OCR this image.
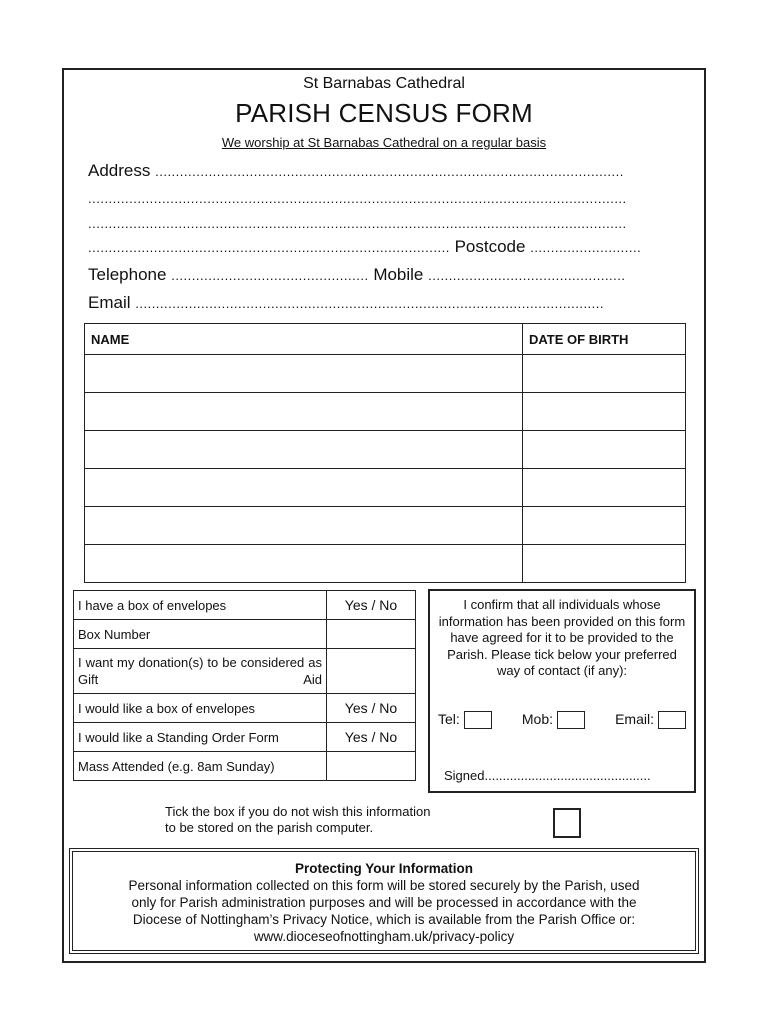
St Barnabas Cathedral
PARISH CENSUS FORM
We worship at St Barnabas Cathedral on a regular basis
Address ..................................................................................................................
...................................................................................................................................
...................................................................................................................................
........................................................................................ Postcode ...........................
Telephone ................................................ Mobile ................................................
Email ..................................................................................................................
NAME	DATE OF BIRTH

I have a box of envelopes	Yes / No
Box Number	
I want my donation(s) to be considered as Gift Aid	
I would like a box of envelopes	Yes / No
I would like a Standing Order Form	Yes / No
Mass Attended (e.g. 8am Sunday)	
I confirm that all individuals whose information has been provided on this form have agreed for it to be provided to the Parish. Please tick below your preferred way of contact (if any):
Tel:	Mob:	Email:
Signed..............................................
Tick the box if you do not wish this information
to be stored on the parish computer.
Protecting Your Information
Personal information collected on this form will be stored securely by the Parish, used
only for Parish administration purposes and will be processed in accordance with the
Diocese of Nottingham’s Privacy Notice, which is available from the Parish Office or:
www.dioceseofnottingham.uk/privacy-policy
